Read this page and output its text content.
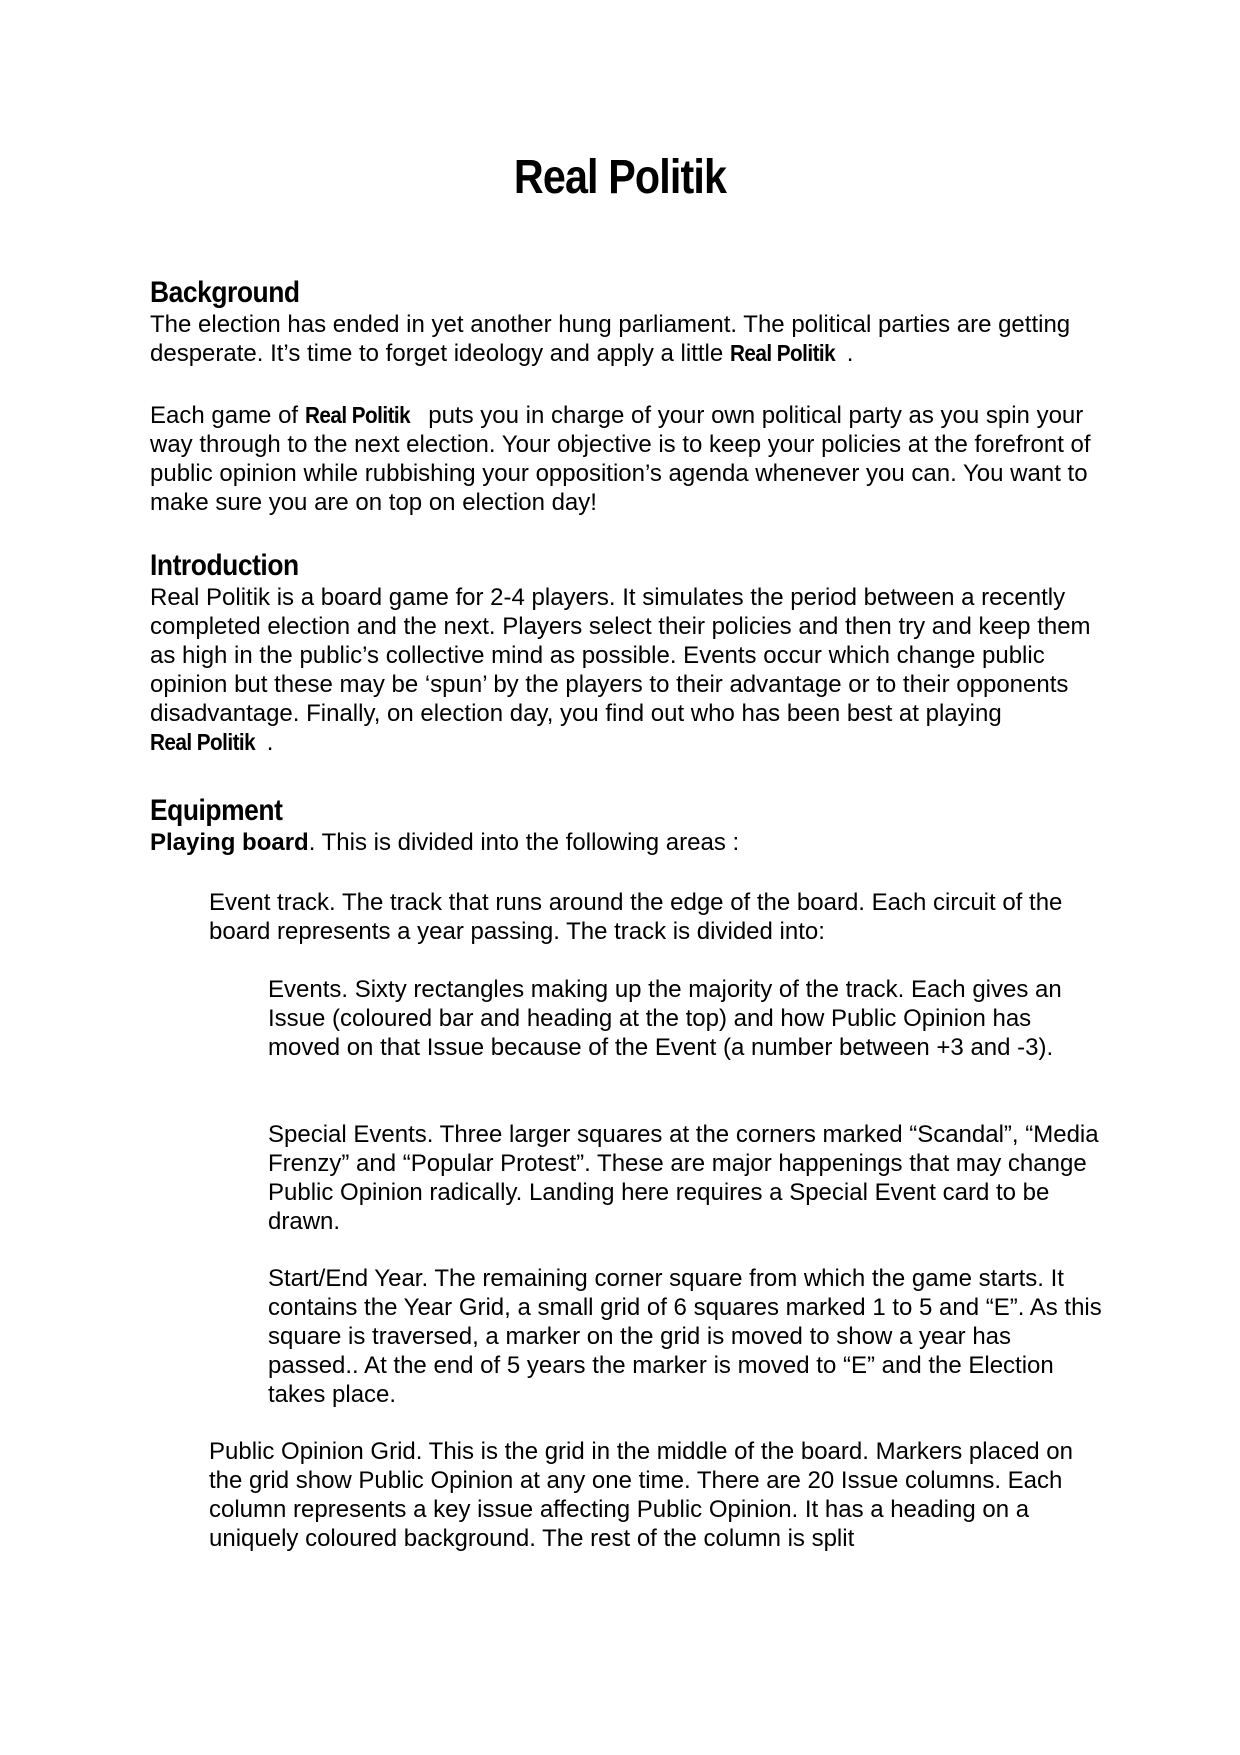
Real Politik
Background

The election has ended in yet another hung parliament. The political parties are getting desperate. It’s time to forget ideology and apply a little Real Politik .

Each game of Real Politik puts you in charge of your own political party as you spin your way through to the next election. Your objective is to keep your policies at the forefront of public opinion while rubbishing your opposition’s agenda whenever you can. You want to make sure you are on top on election day!

Introduction

Real Politik is a board game for 2-4 players. It simulates the period between a recently completed election and the next. Players select their policies and then try and keep them as high in the public’s collective mind as possible. Events occur which change public opinion but these may be ‘spun’ by the players to their advantage or to their opponents disadvantage. Finally, on election day, you find out who has been best at playing Real Politik .

Equipment

Playing board. This is divided into the following areas :

Event track. The track that runs around the edge of the board. Each circuit of the board represents a year passing. The track is divided into:

Events. Sixty rectangles making up the majority of the track. Each gives an Issue (coloured bar and heading at the top) and how Public Opinion has moved on that Issue because of the Event (a number between +3 and -3).

Special Events. Three larger squares at the corners marked “Scandal”, “Media Frenzy” and “Popular Protest”. These are major happenings that may change Public Opinion radically. Landing here requires a Special Event card to be drawn.

Start/End Year. The remaining corner square from which the game starts. It contains the Year Grid, a small grid of 6 squares marked 1 to 5 and “E”. As this square is traversed, a marker on the grid is moved to show a year has passed.. At the end of 5 years the marker is moved to “E” and the Election takes place.

Public Opinion Grid. This is the grid in the middle of the board. Markers placed on the grid show Public Opinion at any one time. There are 20 Issue columns. Each column represents a key issue affecting Public Opinion. It has a heading on a uniquely coloured background. The rest of the column is split
